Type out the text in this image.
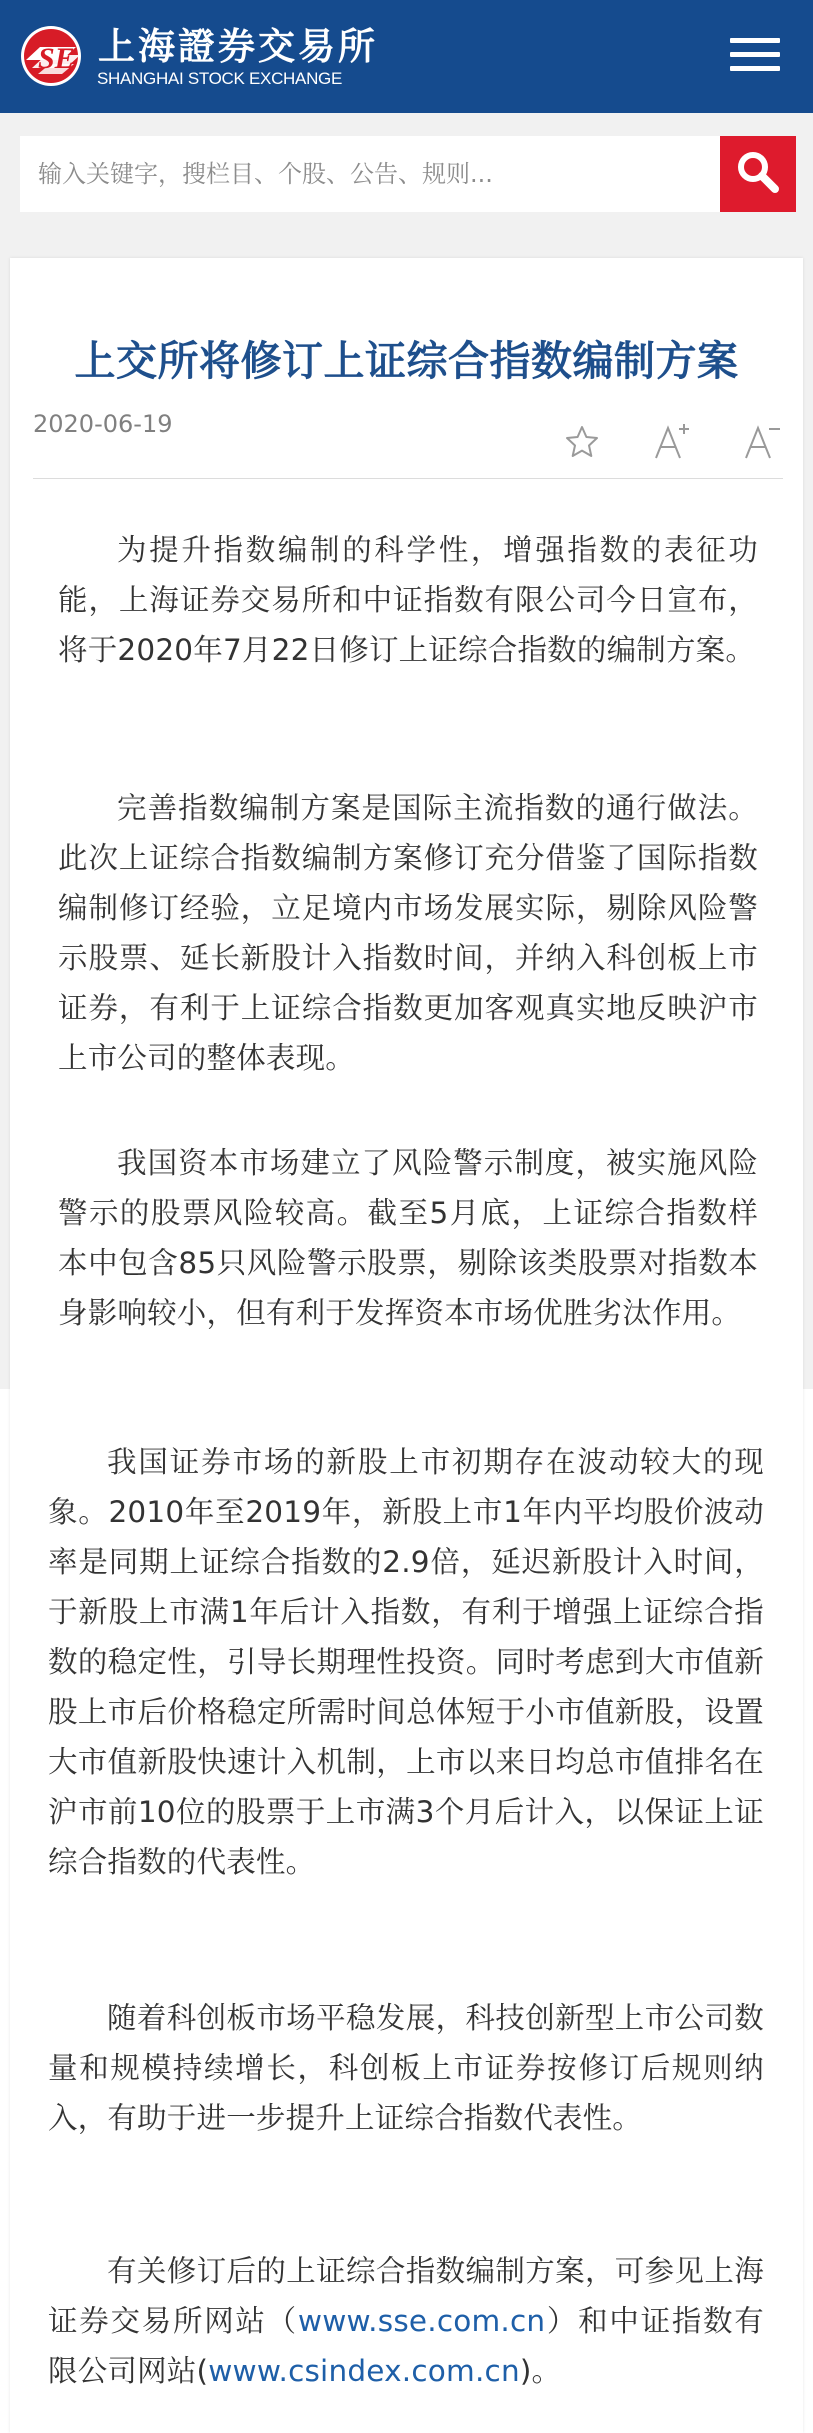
SE 上海證券交易所
SHANGHAI STOCK EXCHANGE
输入关键字，搜栏目、个股、公告、规则...
上交所将修订上证综合指数编制方案
2020-06-19

为提升指数编制的科学性，增强指数的表征功能，上海证券交易所和中证指数有限公司今日宣布，将于2020年7月22日修订上证综合指数的编制方案。

完善指数编制方案是国际主流指数的通行做法。此次上证综合指数编制方案修订充分借鉴了国际指数编制修订经验，立足境内市场发展实际，剔除风险警示股票、延长新股计入指数时间，并纳入科创板上市证券，有利于上证综合指数更加客观真实地反映沪市上市公司的整体表现。

我国资本市场建立了风险警示制度，被实施风险警示的股票风险较高。截至5月底，上证综合指数样本中包含85只风险警示股票，剔除该类股票对指数本身影响较小，但有利于发挥资本市场优胜劣汰作用。

我国证券市场的新股上市初期存在波动较大的现象。2010年至2019年，新股上市1年内平均股价波动率是同期上证综合指数的2.9倍，延迟新股计入时间，于新股上市满1年后计入指数，有利于增强上证综合指数的稳定性，引导长期理性投资。同时考虑到大市值新股上市后价格稳定所需时间总体短于小市值新股，设置大市值新股快速计入机制，上市以来日均总市值排名在沪市前10位的股票于上市满3个月后计入，以保证上证综合指数的代表性。

随着科创板市场平稳发展，科技创新型上市公司数量和规模持续增长，科创板上市证券按修订后规则纳入，有助于进一步提升上证综合指数代表性。

有关修订后的上证综合指数编制方案，可参见上海证券交易所网站（www.sse.com.cn）和中证指数有限公司网站(www.csindex.com.cn)。
